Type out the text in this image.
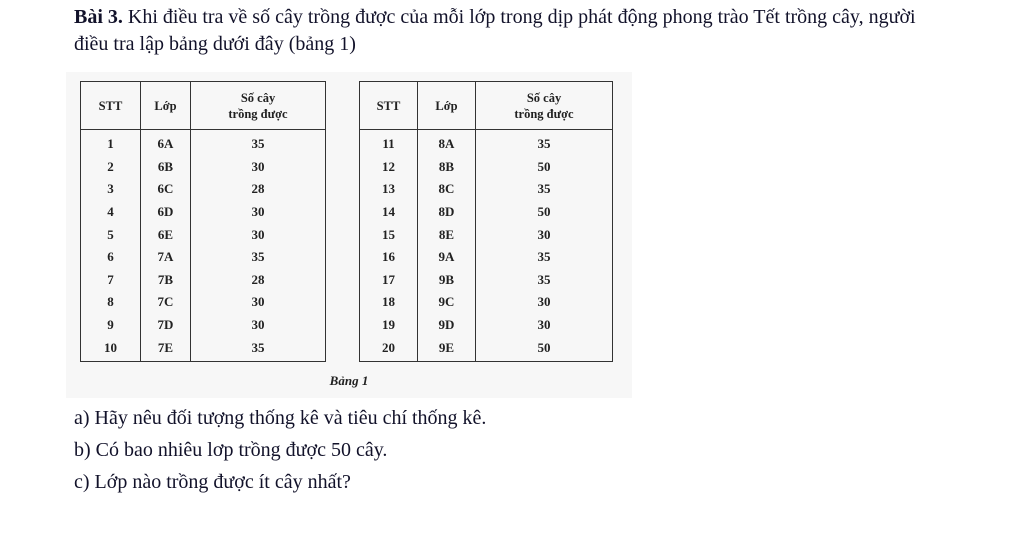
Bài 3. Khi điều tra về số cây trồng được của mỗi lớp trong dịp phát động phong trào Tết trồng cây, người điều tra lập bảng dưới đây (bảng 1)
STT	Lớp	Số cây
trồng được
1	6A	35
2	6B	30
3	6C	28
4	6D	30
5	6E	30
6	7A	35
7	7B	28
8	7C	30
9	7D	30
10	7E	35
STT	Lớp	Số cây
trồng được
11	8A	35
12	8B	50
13	8C	35
14	8D	50
15	8E	30
16	9A	35
17	9B	35
18	9C	30
19	9D	30
20	9E	50
Bảng 1

a) Hãy nêu đối tượng thống kê và tiêu chí thống kê.

b) Có bao nhiêu lơp trồng được 50 cây.

c) Lớp nào trồng được ít cây nhất?
